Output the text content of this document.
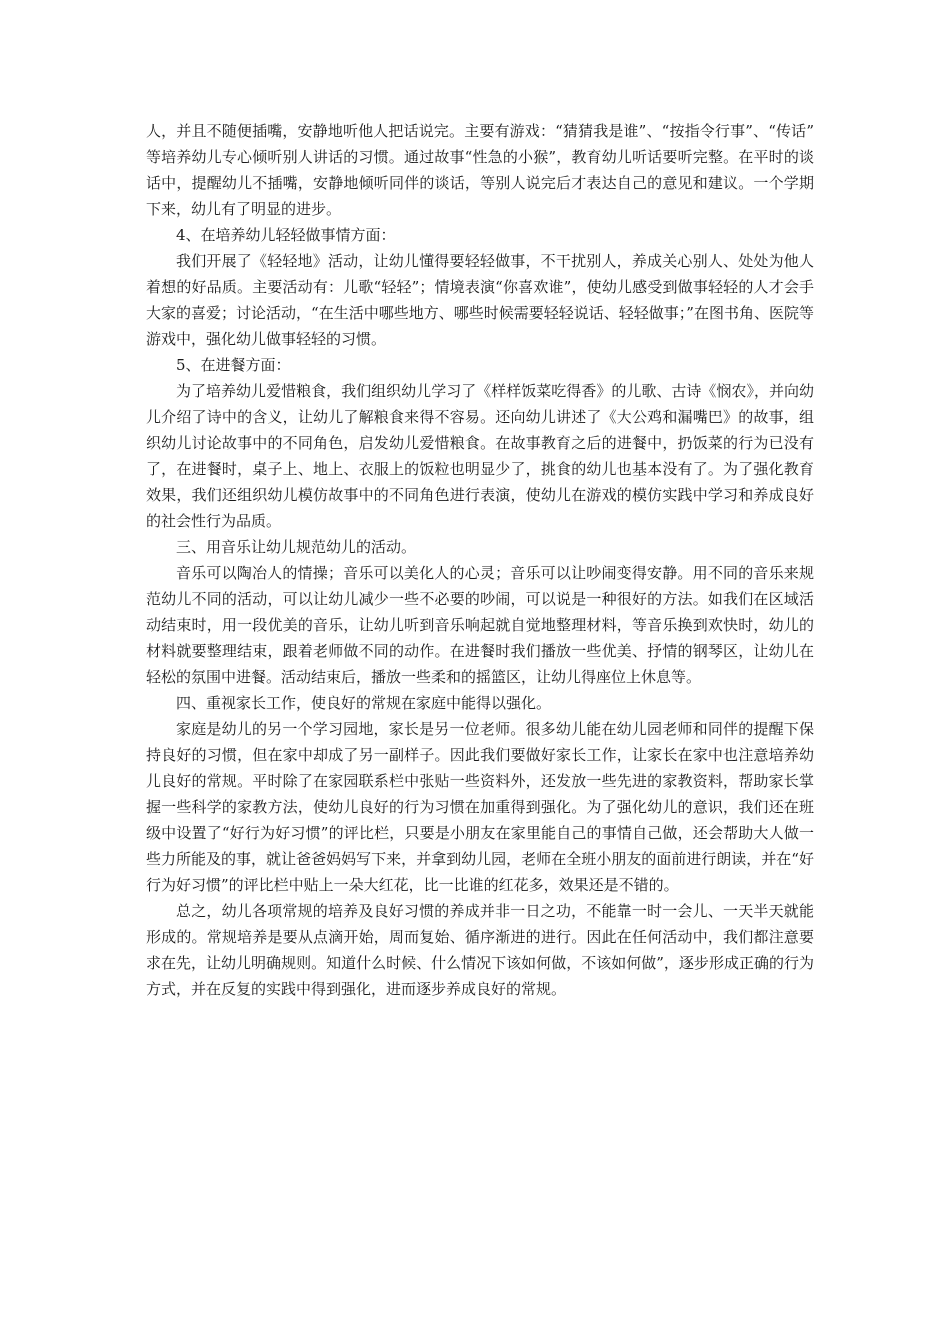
人，并且不随便插嘴，安静地听他人把话说完。主要有游戏：“猜猜我是谁”、“按指令行事”、“传话”等培养幼儿专心倾听别人讲话的习惯。通过故事“性急的小猴”，教育幼儿听话要听完整。在平时的谈话中，提醒幼儿不插嘴，安静地倾听同伴的谈话，等别人说完后才表达自己的意见和建议。一个学期下来，幼儿有了明显的进步。

4、在培养幼儿轻轻做事情方面：

我们开展了《轻轻地》活动，让幼儿懂得要轻轻做事，不干扰别人，养成关心别人、处处为他人着想的好品质。主要活动有：儿歌“轻轻”；情境表演“你喜欢谁”，使幼儿感受到做事轻轻的人才会手大家的喜爱；讨论活动，“在生活中哪些地方、哪些时候需要轻轻说话、轻轻做事；”在图书角、医院等游戏中，强化幼儿做事轻轻的习惯。

5、在进餐方面：

为了培养幼儿爱惜粮食，我们组织幼儿学习了《样样饭菜吃得香》的儿歌、古诗《悯农》，并向幼儿介绍了诗中的含义，让幼儿了解粮食来得不容易。还向幼儿讲述了《大公鸡和漏嘴巴》的故事，组织幼儿讨论故事中的不同角色，启发幼儿爱惜粮食。在故事教育之后的进餐中，扔饭菜的行为已没有了，在进餐时，桌子上、地上、衣服上的饭粒也明显少了，挑食的幼儿也基本没有了。为了强化教育效果，我们还组织幼儿模仿故事中的不同角色进行表演，使幼儿在游戏的模仿实践中学习和养成良好的社会性行为品质。

三、用音乐让幼儿规范幼儿的活动。

音乐可以陶冶人的情操；音乐可以美化人的心灵；音乐可以让吵闹变得安静。用不同的音乐来规范幼儿不同的活动，可以让幼儿减少一些不必要的吵闹，可以说是一种很好的方法。如我们在区域活动结束时，用一段优美的音乐，让幼儿听到音乐响起就自觉地整理材料，等音乐换到欢快时，幼儿的材料就要整理结束，跟着老师做不同的动作。在进餐时我们播放一些优美、抒情的钢琴区，让幼儿在轻松的氛围中进餐。活动结束后，播放一些柔和的摇篮区，让幼儿得座位上休息等。

四、重视家长工作，使良好的常规在家庭中能得以强化。

家庭是幼儿的另一个学习园地，家长是另一位老师。很多幼儿能在幼儿园老师和同伴的提醒下保持良好的习惯，但在家中却成了另一副样子。因此我们要做好家长工作，让家长在家中也注意培养幼儿良好的常规。平时除了在家园联系栏中张贴一些资料外，还发放一些先进的家教资料，帮助家长掌握一些科学的家教方法，使幼儿良好的行为习惯在加重得到强化。为了强化幼儿的意识，我们还在班级中设置了“好行为好习惯”的评比栏，只要是小朋友在家里能自己的事情自己做，还会帮助大人做一些力所能及的事，就让爸爸妈妈写下来，并拿到幼儿园，老师在全班小朋友的面前进行朗读，并在“好行为好习惯”的评比栏中贴上一朵大红花，比一比谁的红花多，效果还是不错的。

总之，幼儿各项常规的培养及良好习惯的养成并非一日之功，不能靠一时一会儿、一天半天就能形成的。常规培养是要从点滴开始，周而复始、循序渐进的进行。因此在任何活动中，我们都注意要求在先，让幼儿明确规则。知道什么时候、什么情况下该如何做，不该如何做”，逐步形成正确的行为方式，并在反复的实践中得到强化，进而逐步养成良好的常规。
